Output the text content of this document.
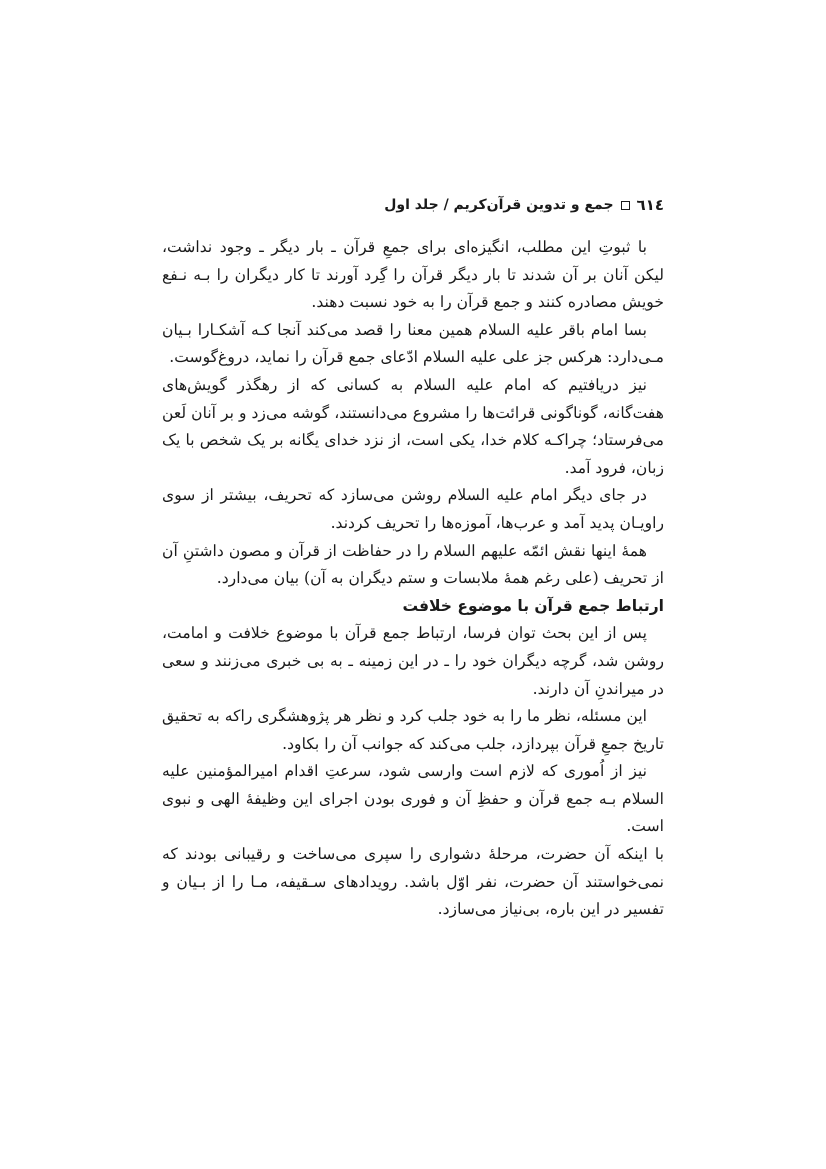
٦١٤
جمع و تدوین قرآن‌کریم / جلد اول

با ثبوتِ این مطلب، انگیزه‌ای برای جمعِ قرآن ـ بار دیگر ـ وجود نداشت، لیکن آنان بر آن شدند تا بار دیگر قرآن را گِرد آورند تا کار دیگران را بـه نـفع خویش مصادره کنند و جمع قرآن را به خود نسبت دهند.

بسا امام باقر علیه السلام همین معنا را قصد می‌کند آنجا کـه آشکـارا بـیان مـی‌دارد: هرکس جز علی علیه السلام ادّعای جمع قرآن را نماید، دروغ‌گوست.

نیز دریافتیم که امام علیه السلام به کسانی که از رهگذر گویش‌های هفت‌گانه، گوناگونی قرائت‌ها را مشروع می‌دانستند، گوشه می‌زد و بر آنان لَعن می‌فرستاد؛ چراکـه کلام خدا، یکی است، از نزد خدای یگانه بر یک شخص با یک زبان، فرود آمد.

در جای دیگر امام علیه السلام روشن می‌سازد که تحریف، بیشتر از سوی راویـان پدید آمد و عرب‌ها، آموزه‌ها را تحریف کردند.

همهٔ اینها نقش ائمّه علیهم السلام را در حفاظت از قرآن و مصون داشتنِ آن از تحریف (علی رغم همهٔ ملابسات و ستم دیگران به آن) بیان می‌دارد.

ارتباط جمع قرآن با موضوع خلافت

پس از این بحث توان فرسا، ارتباط جمع قرآن با موضوع خلافت و امامت، روشن شد، گرچه دیگران خود را ـ در این زمینه ـ به بی خبری می‌زنند و سعی در میراندنِ آن دارند.

این مسئله، نظر ما را به خود جلب کرد و نظر هر پژوهشگری راکه به تحقیق تاریخ جمعِ قرآن بپردازد، جلب می‌کند که جوانب آن را بکاود.

نیز از اُموری که لازم است وارسی شود، سرعتِ اقدام امیرالمؤمنین علیه السلام بـه جمع قرآن و حفظِ آن و فوری بودن اجرای این وظیفهٔ الهی و نبوی است.

با اینکه آن حضرت، مرحلهٔ دشواری را سپری می‌ساخت و رقیبانی بودند که نمی‌خواستند آن حضرت، نفر اوّل باشد. رویدادهای سـقیفه، مـا را از بـیان و تفسیر در این باره، بی‌نیاز می‌سازد.
